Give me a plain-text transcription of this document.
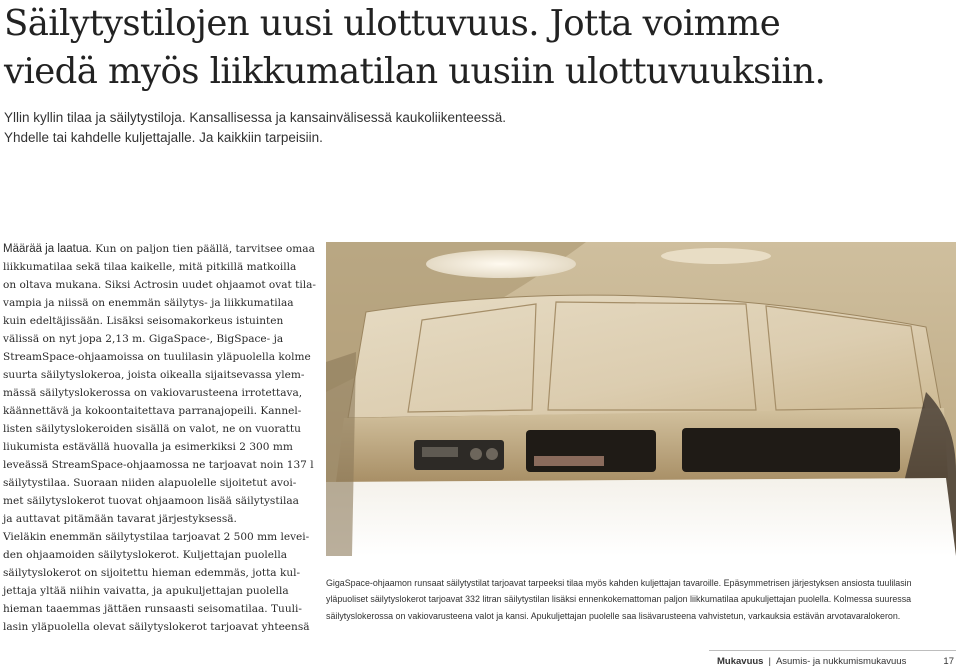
Säilytystilojen uusi ulottuvuus. Jotta voimme
viedä myös liikkumatilan uusiin ulottuvuuksiin.

Yllin kyllin tilaa ja säilytystiloja. Kansallisessa ja kansainvälisessä kaukoliikenteessä.
Yhdelle tai kahdelle kuljettajalle. Ja kaikkiin tarpeisiin.

Määrää ja laatua. Kun on paljon tien päällä, tarvitsee omaa
liikkumatilaa sekä tilaa kaikelle, mitä pitkillä matkoilla
on oltava mukana. Siksi Actrosin uudet ohjaamot ovat tila-
vampia ja niissä on enemmän säilytys- ja liikkumatilaa
kuin edeltäjissään. Lisäksi seisomakorkeus istuinten
välissä on nyt jopa 2,13 m. GigaSpace-, BigSpace- ja
StreamSpace-ohjaamoissa on tuulilasin yläpuolella kolme
suurta säilytyslokeroa, joista oikealla sijaitsevassa ylem-
mässä säilytyslokerossa on vakiovarusteena irrotettava,
käännettävä ja kokoontaitettava parranajopeili. Kannel-
listen säilytyslokeroiden sisällä on valot, ne on vuorattu
liukumista estävällä huovalla ja esimerkiksi 2 300 mm
leveässä StreamSpace-ohjaamossa ne tarjoavat noin 137 l
säilytystilaa. Suoraan niiden alapuolelle sijoitetut avoi-
met säilytyslokerot tuovat ohjaamoon lisää säilytystilaa
ja auttavat pitämään tavarat järjestyksessä.
Vieläkin enemmän säilytystilaa tarjoavat 2 500 mm levei-
den ohjaamoiden säilytyslokerot. Kuljettajan puolella
säilytyslokerot on sijoitettu hieman edemmäs, jotta kul-
jettaja yltää niihin vaivatta, ja apukuljettajan puolella
hieman taaemmas jättäen runsaasti seisomatilaa. Tuuli-
lasin yläpuolella olevat säilytyslokerot tarjoavat yhteensä

GigaSpace-ohjaamon runsaat säilytystilat tarjoavat tarpeeksi tilaa myös kahden kuljettajan tavaroille. Epäsymmetrisen järjestyksen ansiosta tuulilasin
yläpuoliset säilytyslokerot tarjoavat 332 litran säilytystilan lisäksi ennenkokemattoman paljon liikkumatilaa apukuljettajan puolella. Kolmessa suuressa
säilytyslokerossa on vakiovarusteena valot ja kansi. Apukuljettajan puolelle saa lisävarusteena vahvistetun, varkauksia estävän arvotavaralokeron.

Mukavuus | Asumis- ja nukkumismukavuus	17
